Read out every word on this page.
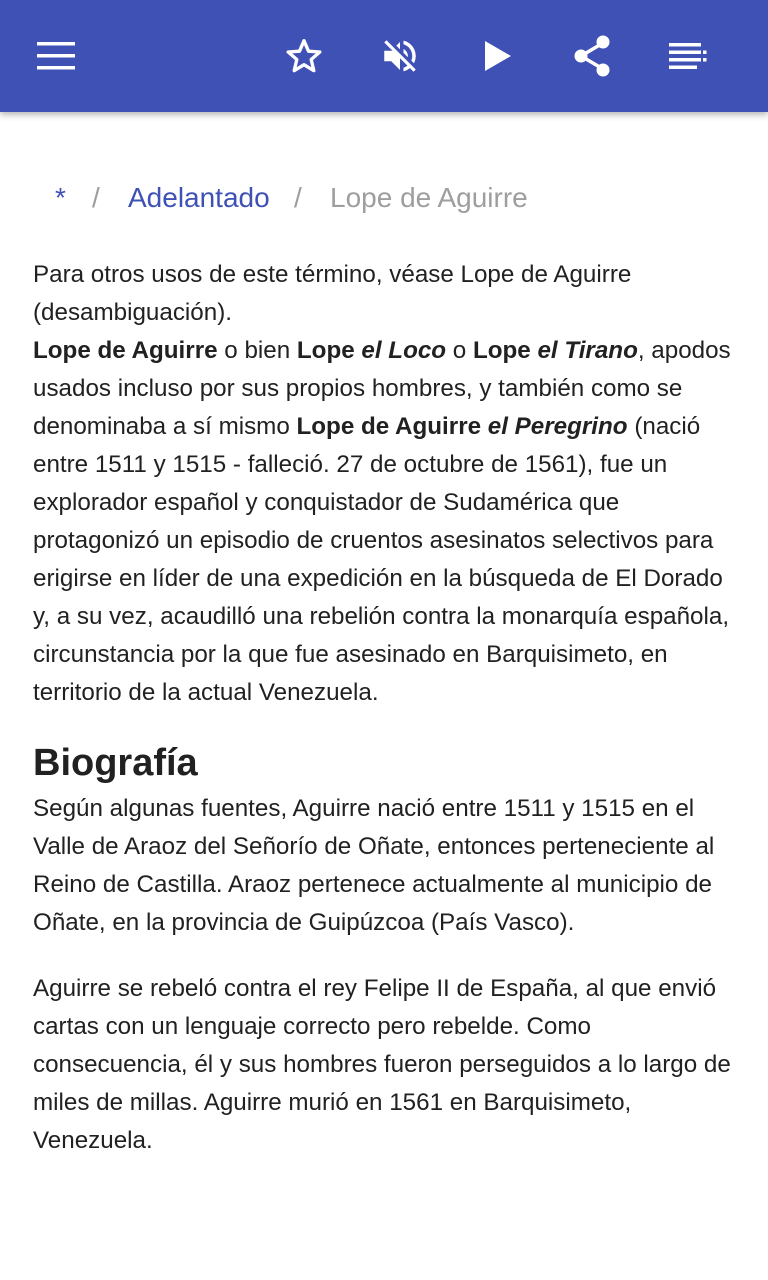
* / Adelantado / Lope de Aguirre

Para otros usos de este término, véase Lope de Aguirre (desambiguación).

Lope de Aguirre o bien Lope el Loco o Lope el Tirano, apodos usados incluso por sus propios hombres, y también como se denominaba a sí mismo Lope de Aguirre el Peregrino (nació entre 1511 y 1515 - falleció. 27 de octubre de 1561), fue un explorador español y conquistador de Sudamérica que protagonizó un episodio de cruentos asesinatos selectivos para erigirse en líder de una expedición en la búsqueda de El Dorado y, a su vez, acaudilló una rebelión contra la monarquía española, circunstancia por la que fue asesinado en Barquisimeto, en territorio de la actual Venezuela.

Biografía

Según algunas fuentes, Aguirre nació entre 1511 y 1515 en el Valle de Araoz del Señorío de Oñate, entonces perteneciente al Reino de Castilla. Araoz pertenece actualmente al municipio de Oñate, en la provincia de Guipúzcoa (País Vasco).

Aguirre se rebeló contra el rey Felipe II de España, al que envió cartas con un lenguaje correcto pero rebelde. Como consecuencia, él y sus hombres fueron perseguidos a lo largo de miles de millas. Aguirre murió en 1561 en Barquisimeto, Venezuela.
